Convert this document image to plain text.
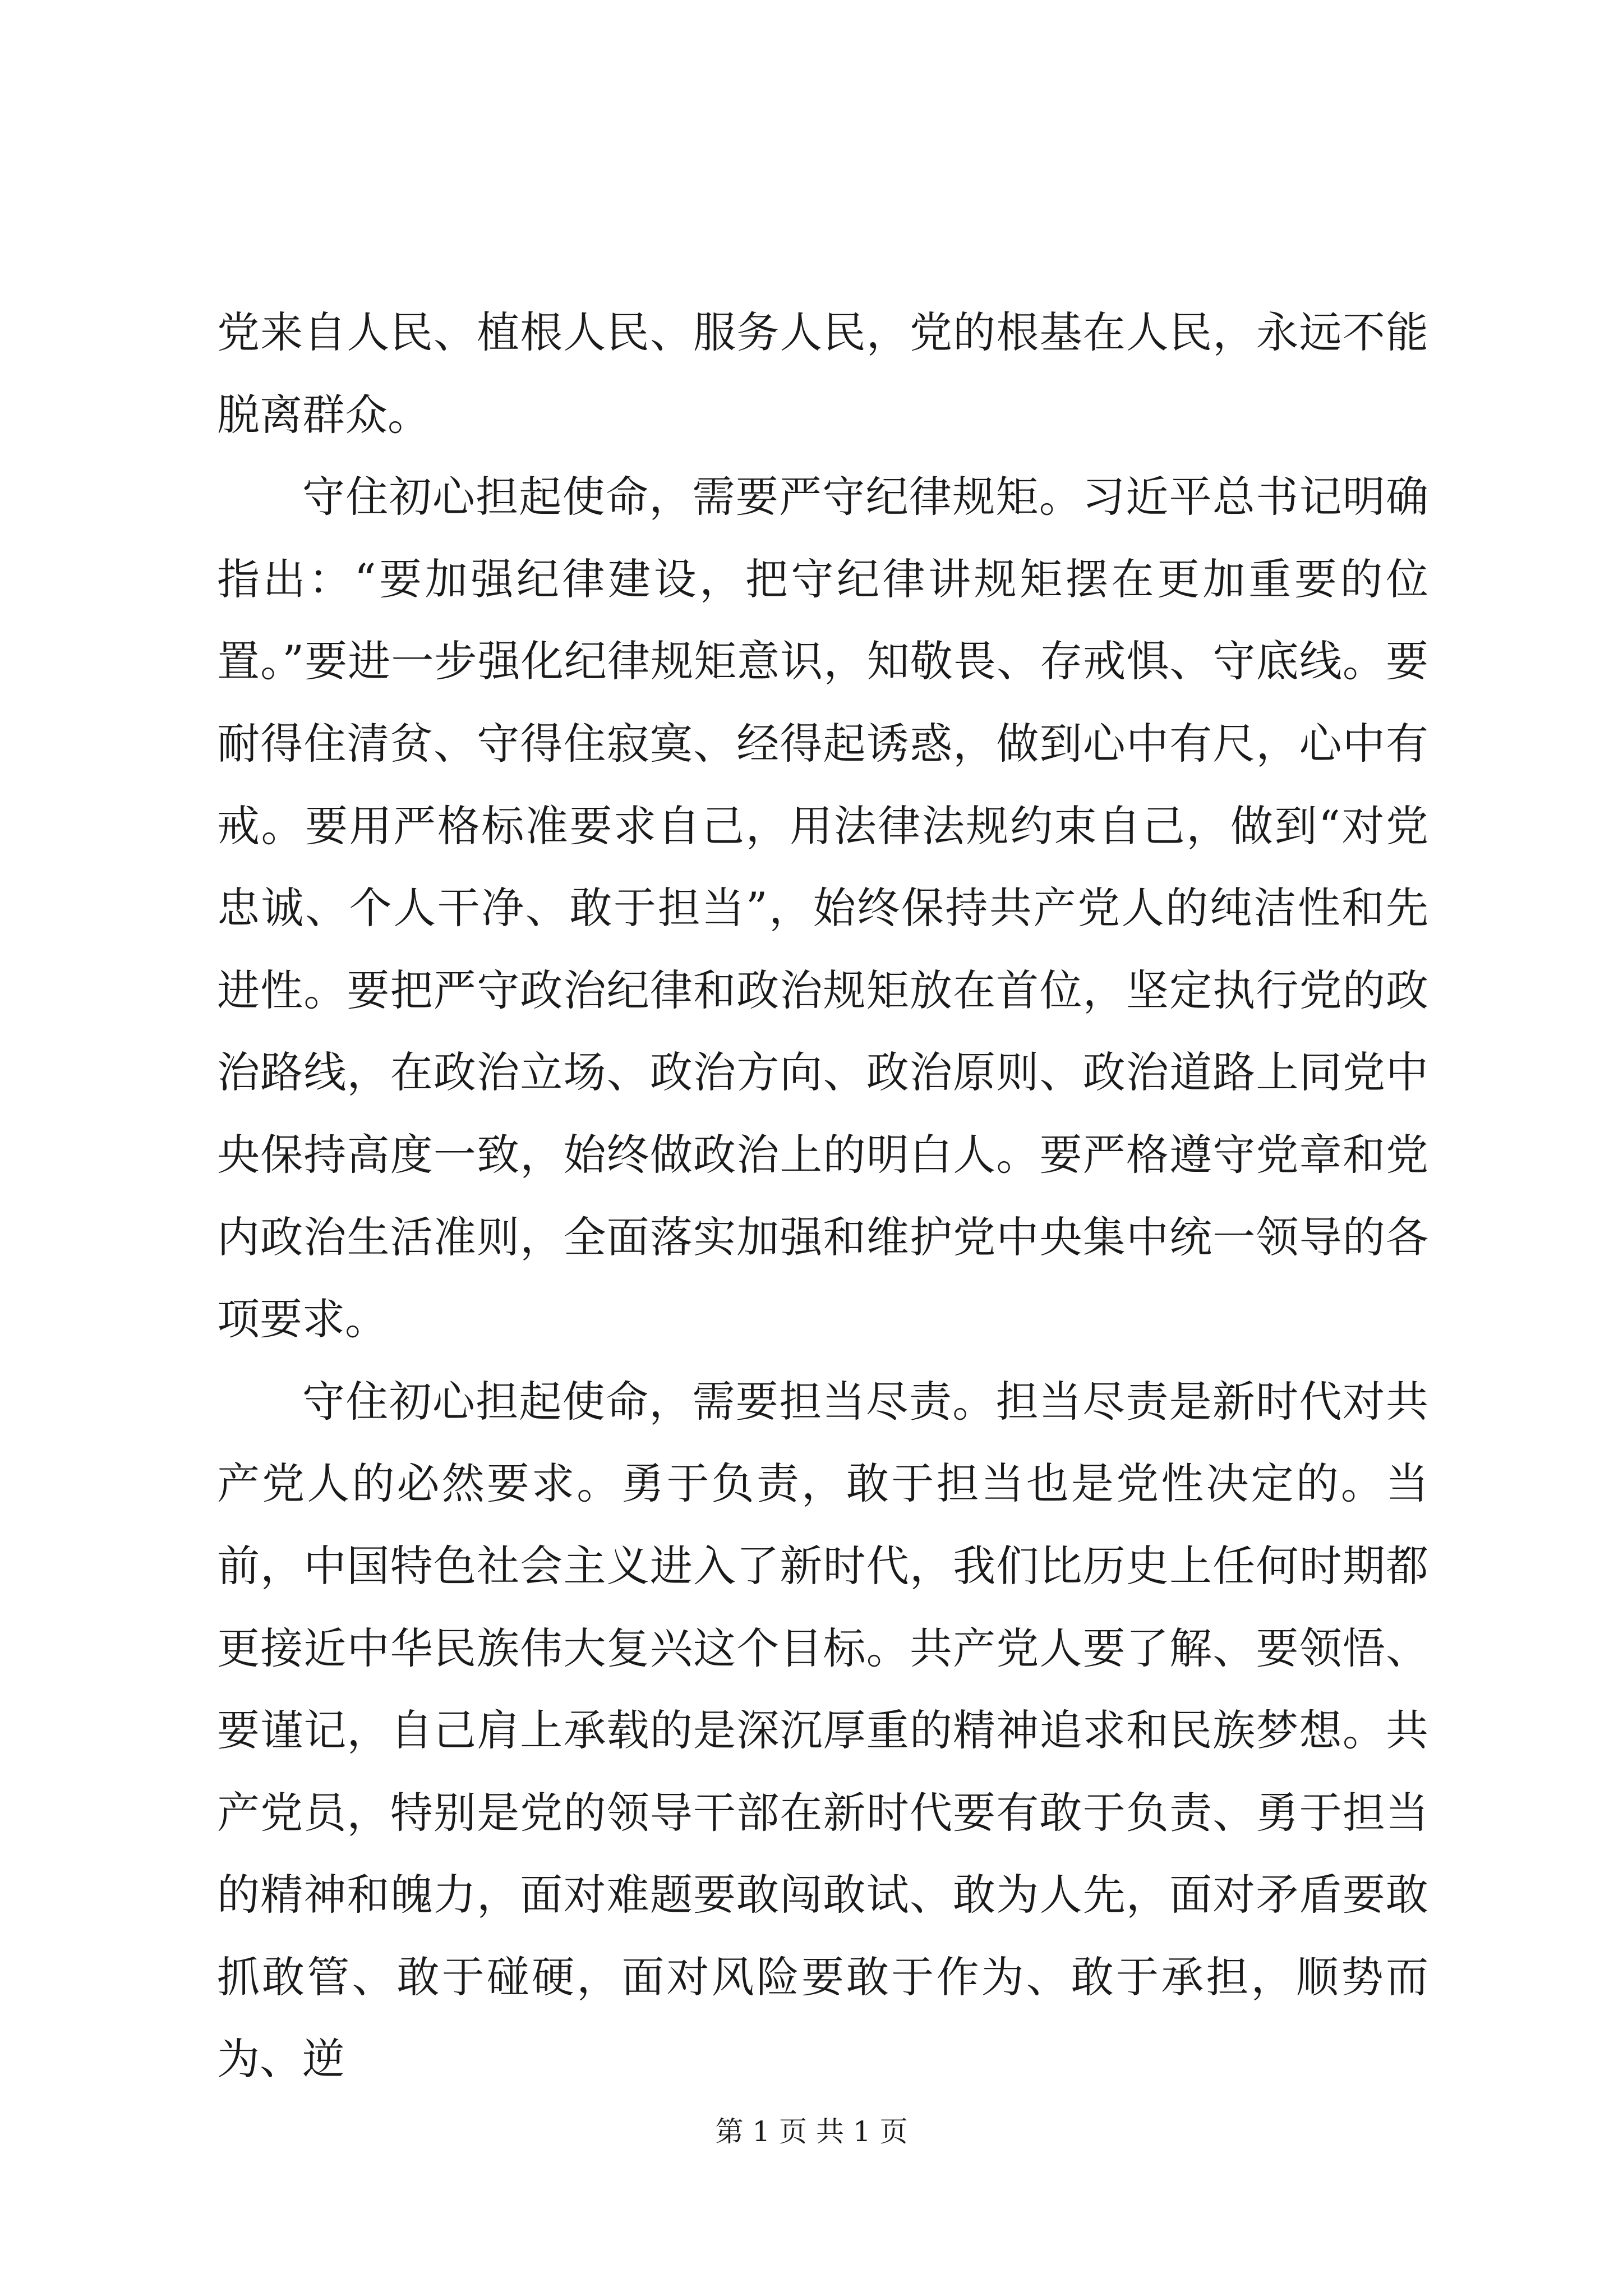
党来自人民、植根人民、服务人民，党的根基在人民，永远不能脱离群众。

守住初心担起使命，需要严守纪律规矩。习近平总书记明确指出：“要加强纪律建设，把守纪律讲规矩摆在更加重要的位置。”要进一步强化纪律规矩意识，知敬畏、存戒惧、守底线。要耐得住清贫、守得住寂寞、经得起诱惑，做到心中有尺，心中有戒。要用严格标准要求自己，用法律法规约束自己，做到“对党忠诚、个人干净、敢于担当”，始终保持共产党人的纯洁性和先进性。要把严守政治纪律和政治规矩放在首位，坚定执行党的政治路线，在政治立场、政治方向、政治原则、政治道路上同党中央保持高度一致，始终做政治上的明白人。要严格遵守党章和党内政治生活准则，全面落实加强和维护党中央集中统一领导的各项要求。

守住初心担起使命，需要担当尽责。担当尽责是新时代对共产党人的必然要求。勇于负责，敢于担当也是党性决定的。当前，中国特色社会主义进入了新时代，我们比历史上任何时期都更接近中华民族伟大复兴这个目标。共产党人要了解、要领悟、要谨记，自己肩上承载的是深沉厚重的精神追求和民族梦想。共产党员，特别是党的领导干部在新时代要有敢于负责、勇于担当的精神和魄力，面对难题要敢闯敢试、敢为人先，面对矛盾要敢抓敢管、敢于碰硬，面对风险要敢于作为、敢于承担，顺势而为、逆

第 1 页 共 1 页
